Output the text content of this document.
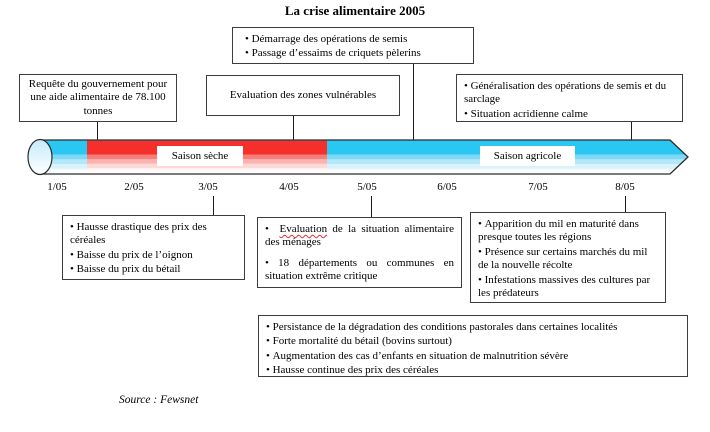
La crise alimentaire 2005
• Démarrage des opérations de semis
• Passage d’essaims de criquets pèlerins
Requête du gouvernement pour une aide alimentaire de 78.100 tonnes
Evaluation des zones vulnérables
• Généralisation des opérations de semis et du sarclage
• Situation acridienne calme
Saison sèche	Saison agricole
1/05	2/05	3/05	4/05	5/05	6/05	7/05	8/05
• Hausse drastique des prix des céréales
• Baisse du prix de l’oignon
• Baisse du prix du bétail
• Evaluation de la situation alimentaire des ménages
• 18 départements ou communes en situation extrême critique
• Apparition du mil en maturité dans presque toutes les régions
• Présence sur certains marchés du mil de la nouvelle récolte
• Infestations massives des cultures par les prédateurs
• Persistance de la dégradation des conditions pastorales dans certaines localités
• Forte mortalité du bétail (bovins surtout)
• Augmentation des cas d’enfants en situation de malnutrition sévère
• Hausse continue des prix des céréales
Source : Fewsnet
